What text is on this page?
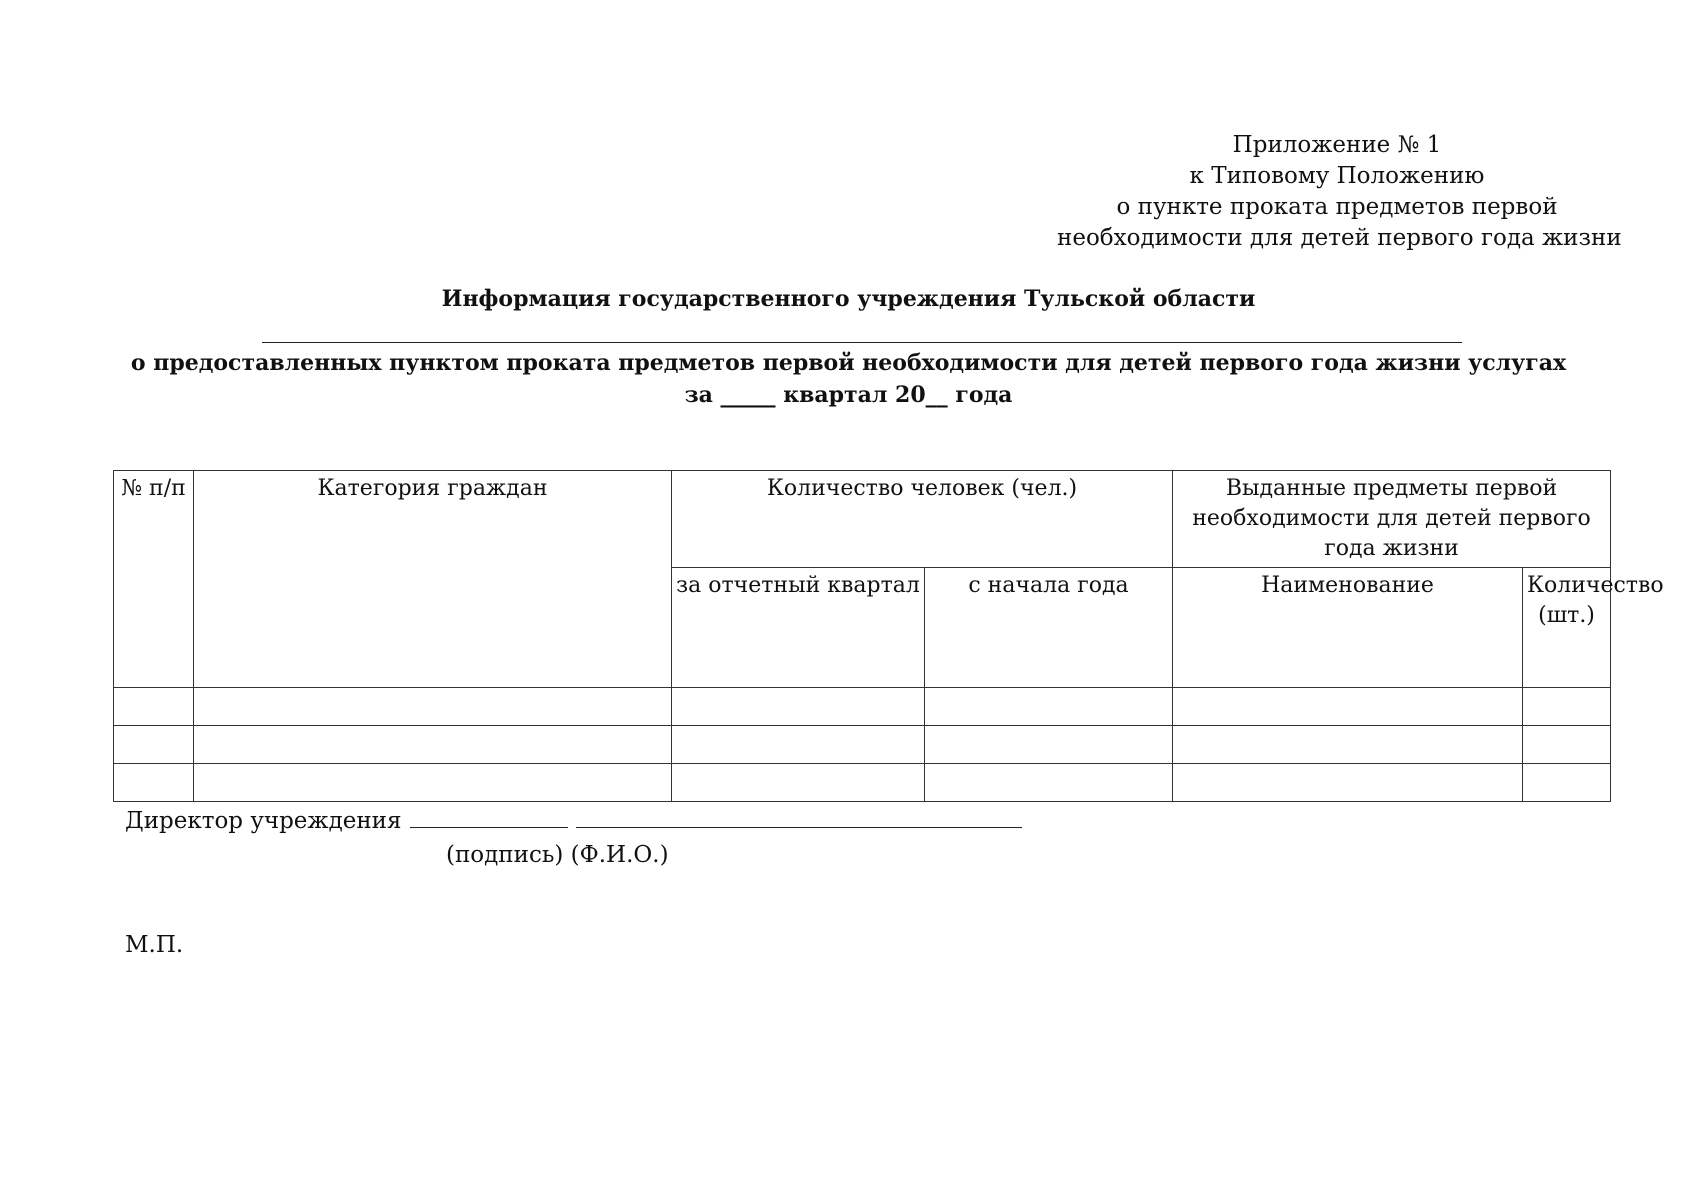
Приложение № 1
к Типовому Положению
о пункте проката предметов первой
необходимости для детей первого года жизни
Информация государственного учреждения Тульской области
о предоставленных пунктом проката предметов первой необходимости для детей первого года жизни услугах
за _____ квартал 20__ года
№ п/п	Категория граждан	Количество человек (чел.)		Выданные предметы первой необходимости для детей первого года жизни	
		за отчетный квартал	с начала года	Наименование	Количество (шт.)

Директор учреждения
(подпись) (Ф.И.О.)
М.П.
